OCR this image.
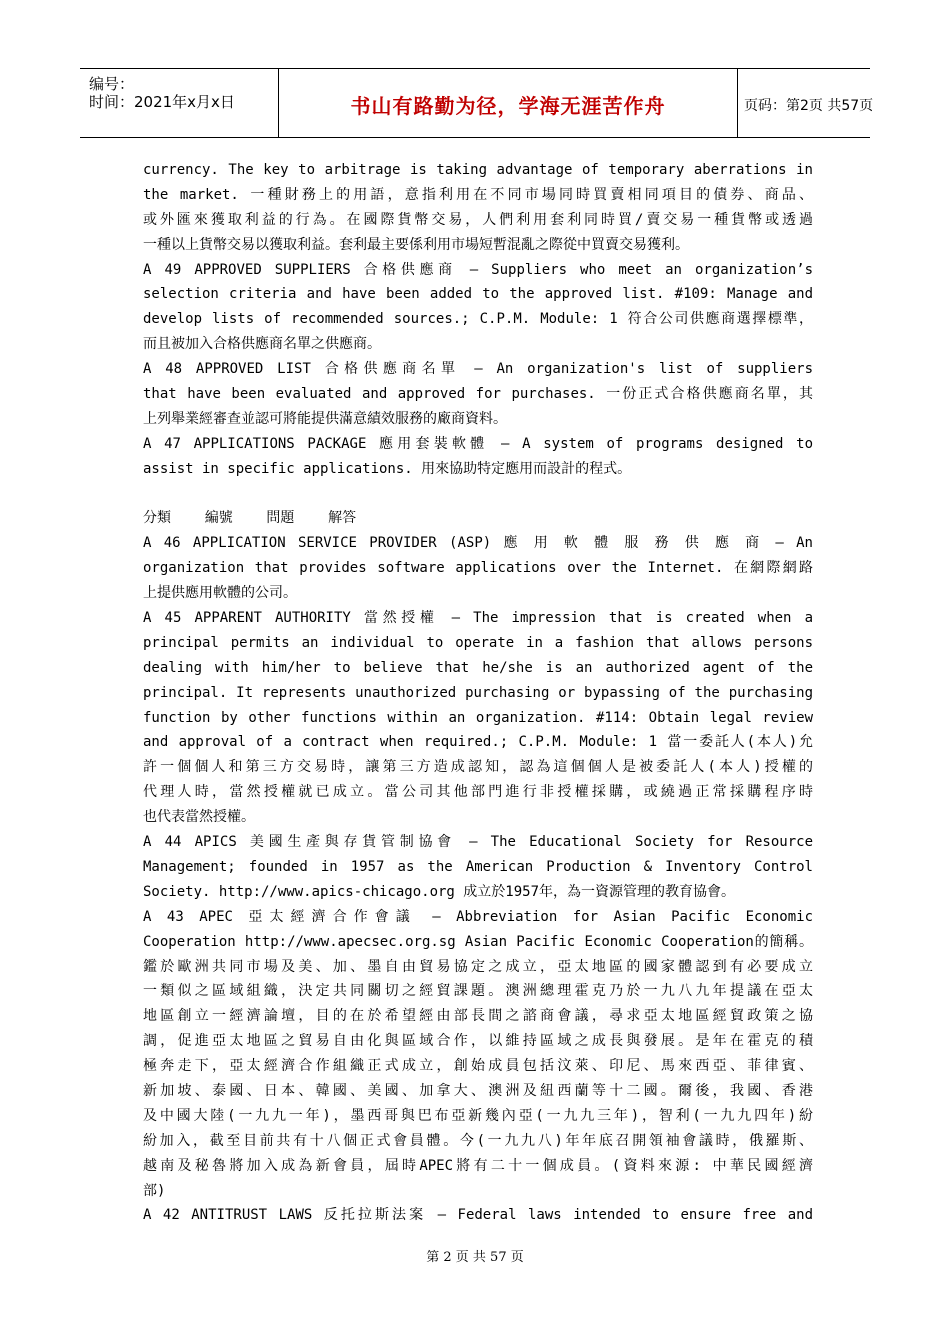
编号：
时间：2021年x月x日	书山有路勤为径，学海无涯苦作舟	页码：第2页 共57页
currency. The key to arbitrage is taking advantage of temporary aberrations in
the market. 一種財務上的用語，意指利用在不同市場同時買賣相同項目的債券、商品、
或外匯來獲取利益的行為。在國際貨幣交易，人們利用套利同時買/賣交易一種貨幣或透過
一種以上貨幣交易以獲取利益。套利最主要係利用市場短暫混亂之際從中買賣交易獲利。
A 49 APPROVED SUPPLIERS 合格供應商 – Suppliers who meet an organization’s
selection criteria and have been added to the approved list. #109: Manage and
develop lists of recommended sources.; C.P.M. Module: 1 符合公司供應商選擇標準，
而且被加入合格供應商名單之供應商。
A 48 APPROVED LIST 合格供應商名單 – An organization's list of suppliers
that have been evaluated and approved for purchases. 一份正式合格供應商名單，其
上列舉業經審查並認可將能提供滿意績效服務的廠商資料。
A 47 APPLICATIONS PACKAGE 應用套裝軟體 – A system of programs designed to
assist in specific applications. 用來協助特定應用而設計的程式。
分類    編號    問題    解答
A 46 APPLICATION SERVICE PROVIDER (ASP) 應 用 軟 體 服 務 供 應 商 – An
organization that provides software applications over the Internet. 在網際網路
上提供應用軟體的公司。
A 45 APPARENT AUTHORITY 當然授權 – The impression that is created when a
principal permits an individual to operate in a fashion that allows persons
dealing with him/her to believe that he/she is an authorized agent of the
principal. It represents unauthorized purchasing or bypassing of the purchasing
function by other functions within an organization. #114: Obtain legal review
and approval of a contract when required.; C.P.M. Module: 1 當一委託人(本人)允
許一個個人和第三方交易時，讓第三方造成認知，認為這個個人是被委託人(本人)授權的
代理人時，當然授權就已成立。當公司其他部門進行非授權採購，或繞過正常採購程序時
也代表當然授權。
A 44 APICS 美國生產與存貨管制協會 – The Educational Society for Resource
Management; founded in 1957 as the American Production & Inventory Control
Society. http://www.apics-chicago.org 成立於1957年，為一資源管理的教育協會。
A 43 APEC 亞太經濟合作會議 – Abbreviation for Asian Pacific Economic
Cooperation http://www.apecsec.org.sg Asian Pacific Economic Cooperation的簡稱。
鑑於歐洲共同市場及美、加、墨自由貿易協定之成立，亞太地區的國家體認到有必要成立
一類似之區域組織，決定共同關切之經貿課題。澳洲總理霍克乃於一九八九年提議在亞太
地區創立一經濟論壇，目的在於希望經由部長間之諮商會議，尋求亞太地區經貿政策之協
調，促進亞太地區之貿易自由化與區域合作，以維持區域之成長與發展。是年在霍克的積
極奔走下，亞太經濟合作組織正式成立，創始成員包括汶萊、印尼、馬來西亞、菲律賓、
新加坡、泰國、日本、韓國、美國、加拿大、澳洲及紐西蘭等十二國。爾後，我國、香港
及中國大陸(一九九一年)，墨西哥與巴布亞新幾內亞(一九九三年)，智利(一九九四年)紛
紛加入，截至目前共有十八個正式會員體。今(一九九八)年年底召開領袖會議時，俄羅斯、
越南及秘魯將加入成為新會員，屆時APEC將有二十一個成員。(資料來源: 中華民國經濟
部)
A 42 ANTITRUST LAWS 反托拉斯法案 – Federal laws intended to ensure free and
第 2 页 共 57 页
